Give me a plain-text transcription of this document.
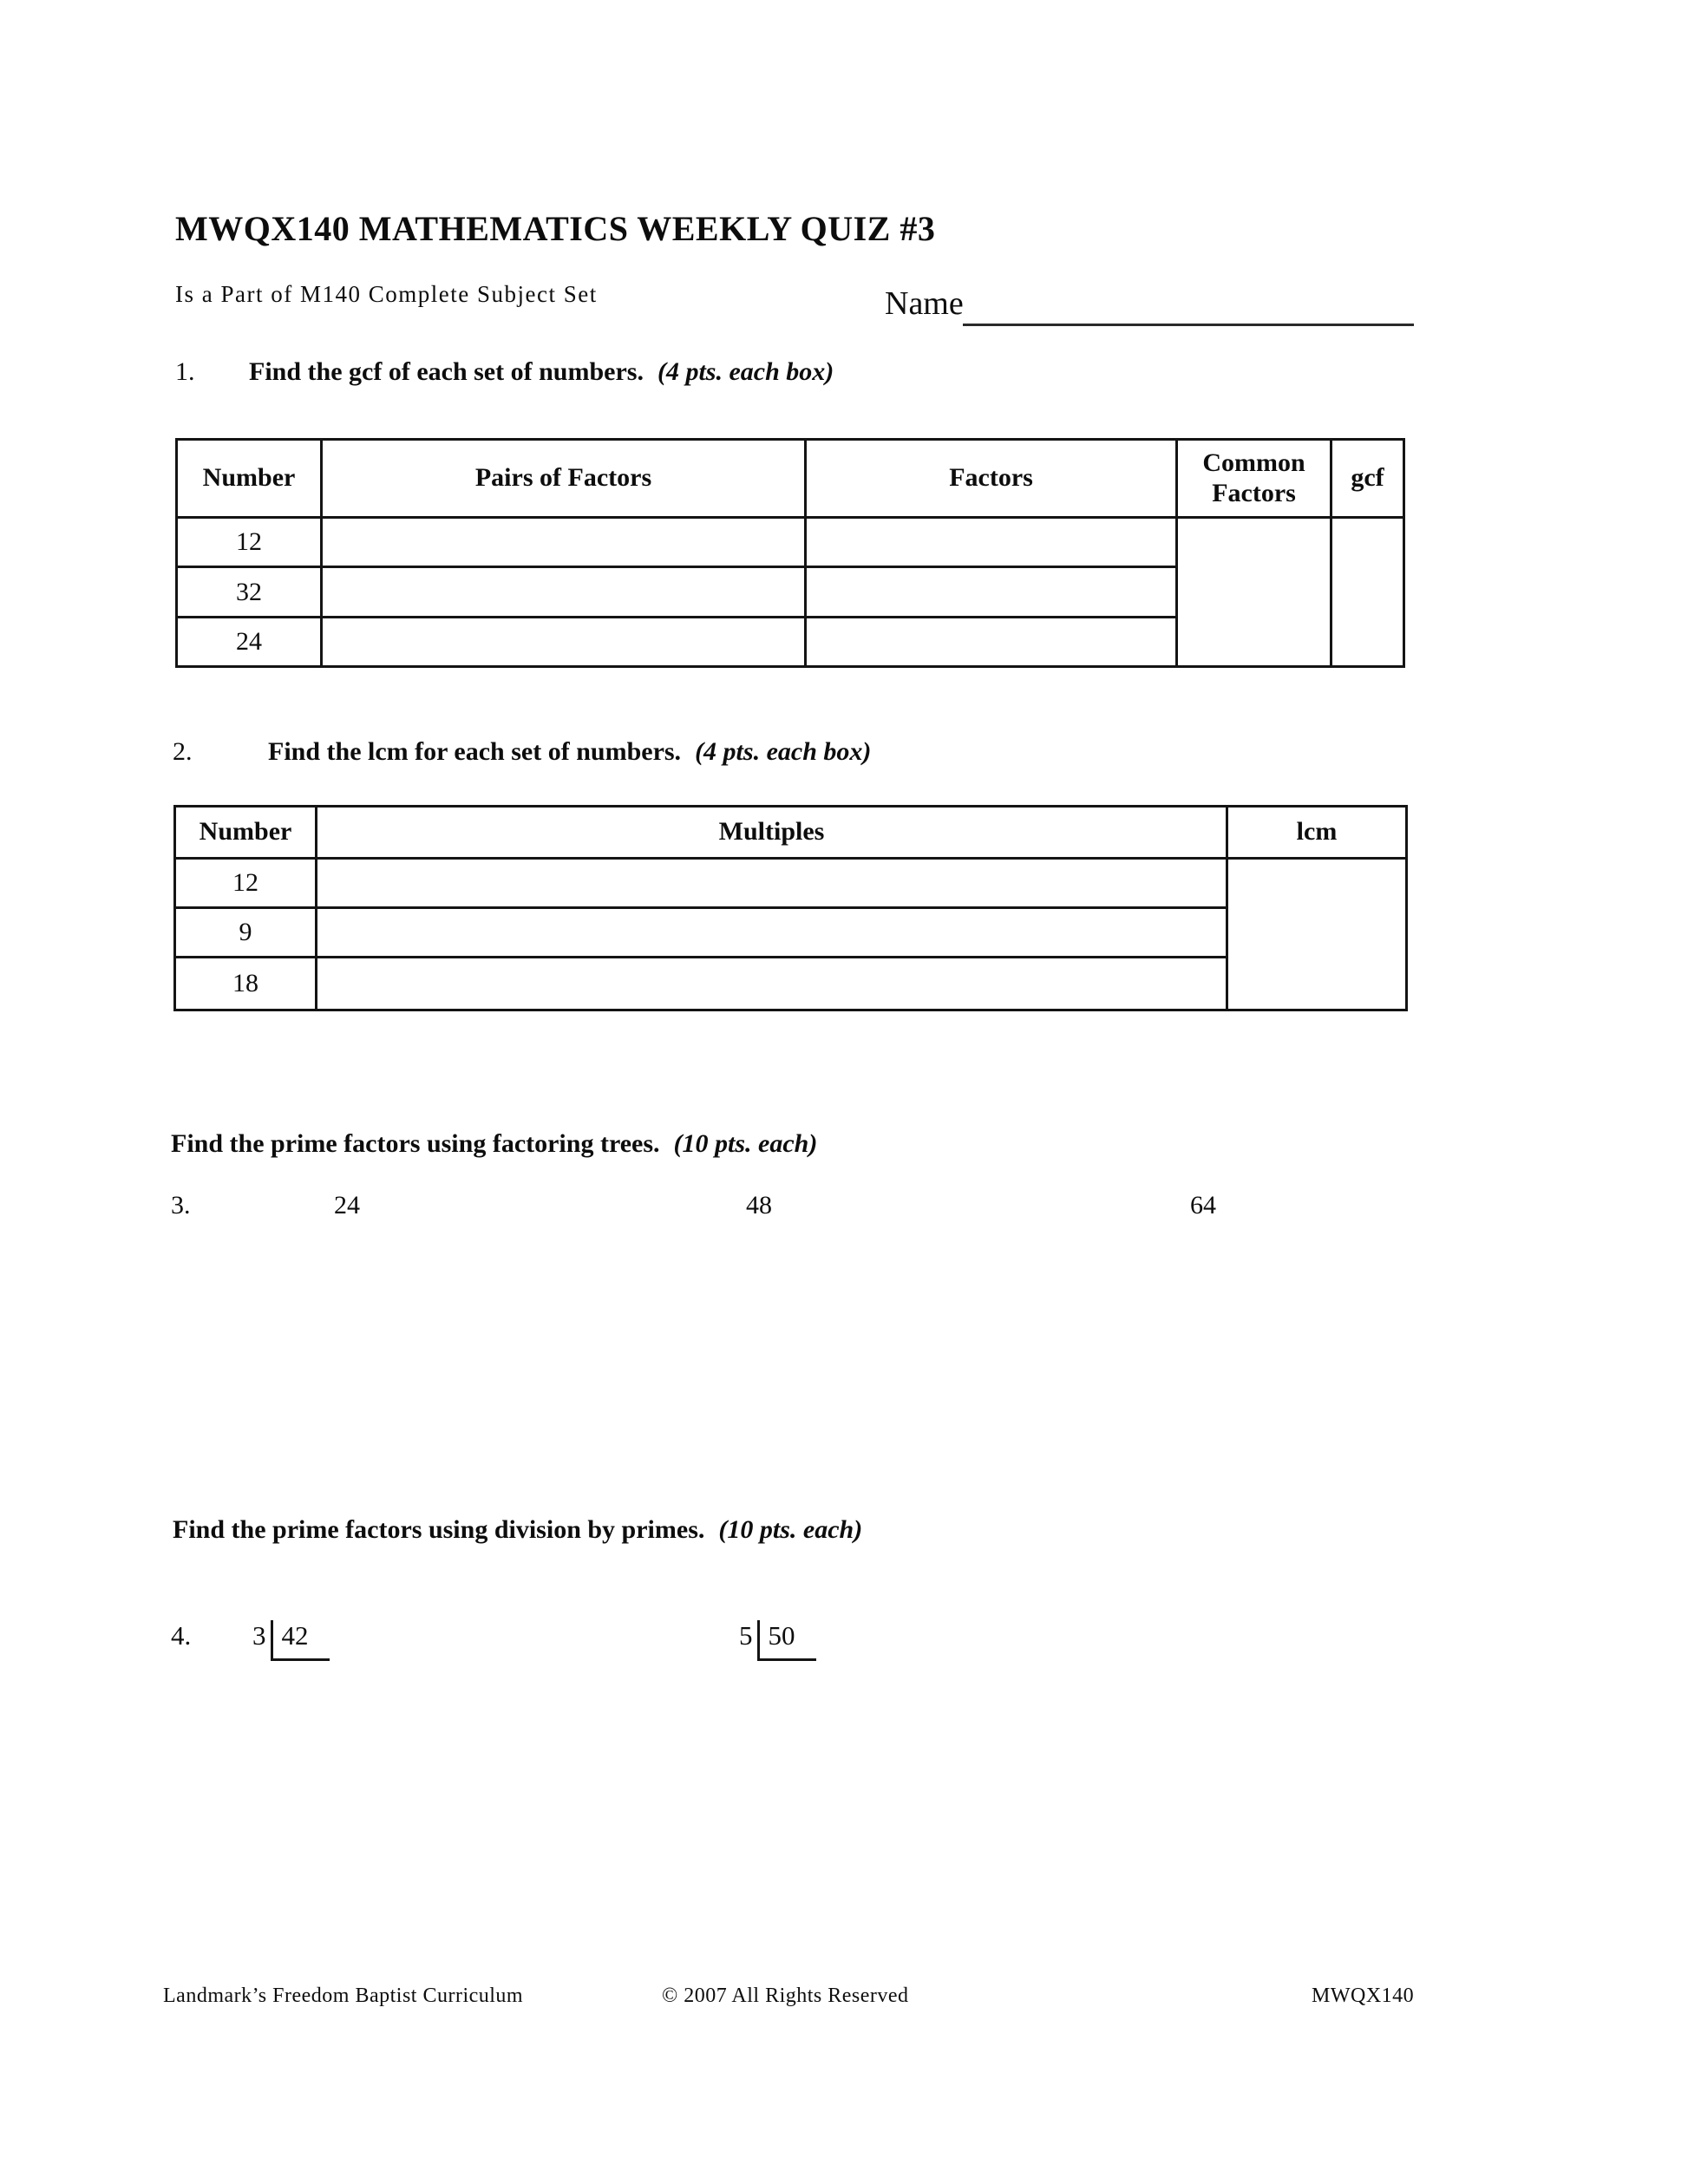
MWQX140 MATHEMATICS WEEKLY QUIZ #3
Is a Part of M140 Complete Subject Set	Name
1. Find the gcf of each set of numbers. (4 pts. each box)
Number	Pairs of Factors	Factors	Common Factors	gcf
12				
32				
24				
2.	Find the lcm for each set of numbers. (4 pts. each box)
Number	Multiples	lcm
12		
9		
18		
Find the prime factors using factoring trees. (10 pts. each)
3.	24	48	64
Find the prime factors using division by primes. (10 pts. each)
4. 3 42	5 50
Landmark’s Freedom Baptist Curriculum	© 2007 All Rights Reserved	MWQX140
